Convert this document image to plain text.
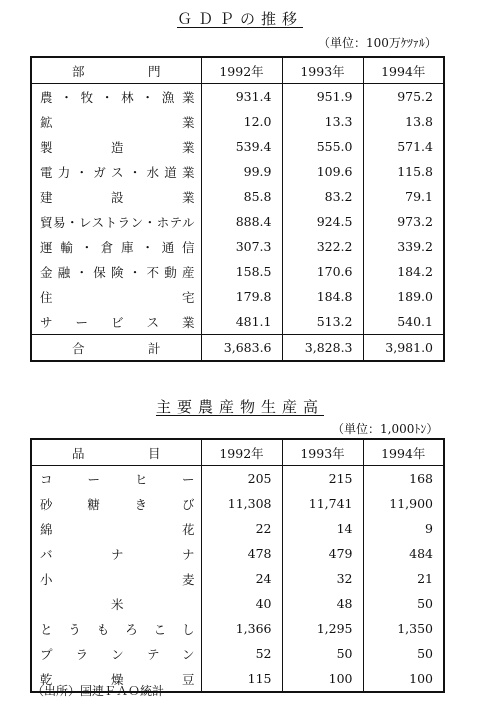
ＧＤＰの推移
（単位：100万ｹﾂｧﾙ）
部　　門	1992年	1993年	1994年
農・牧・林・漁業	931.4	951.9	975.2
鉱業	12.0	13.3	13.8
製造業	539.4	555.0	571.4
電力・ガス・水道業	99.9	109.6	115.8
建設業	85.8	83.2	79.1
貿易・レストラン・ホテル	888.4	924.5	973.2
運輸・倉庫・通信	307.3	322.2	339.2
金融・保険・不動産	158.5	170.6	184.2
住宅	179.8	184.8	189.0
サービス業	481.1	513.2	540.1
合　　計	3,683.6	3,828.3	3,981.0
主要農産物生産高
（単位：1,000ﾄﾝ）
品　目	1992年	1993年	1994年
コーヒー	205	215	168
砂糖きび	11,308	11,741	11,900
綿花	22	14	9
バナナ	478	479	484
小麦	24	32	21
米	40	48	50
とうもろこし	1,366	1,295	1,350
プランテン	52	50	50
乾燥豆	115	100	100
（出所）国連ＦＡＯ統計
